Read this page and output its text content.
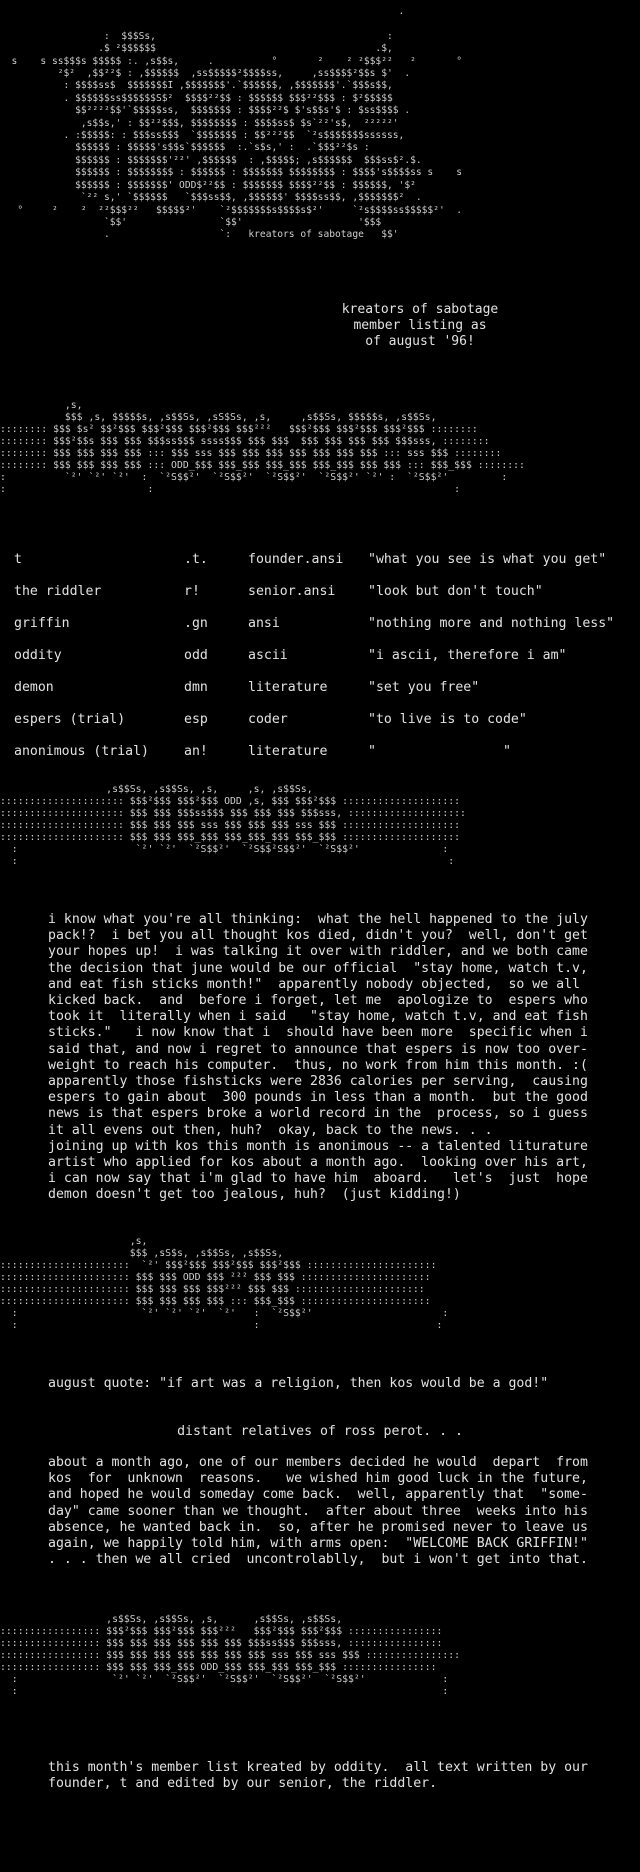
.

:  $$$Ss,                                        :
.$ ²$$$$$$                                      .$,
s    s ss$$$s $$$$$ :. ,s$$s,     .          °       ²    ² ²$$$²²   ²       °
²$²  ,$$²²$ : ,$$$$$$  ,ss$$$$$²$$$$ss,     ,ss$$$$²$$s $'  .
: $$$$ss$  $$$$$$$I ,$$$$$$$'.`$$$$$$, ,$$$$$$$'.`$$$s$$,
. $$$$$$ss$$$$$$S$²  $$$$²²$$ : $$$$$$ $$$²²$$$ : $²$$$$$
$$²²²²$$'`$$$$$ss,  $$$$$$$ : $$$$²²$ $'s$$s'$ : $ss$$$$ .
,s$$s,' : $$²²$$$, $$$$$$$$ : $$$$ss$ $s`²²'s$,  ²²²²²'
. :$$$$$: : $$$ss$$$  `$$$$$$$ : $$²²²$$  `²s$$$$$$$ssssss,
$$$$$$ : $$$$$'s$$s`$$$$$$  :.`s$s,' :  .`$$$²²$s :
$$$$$$ : $$$$$$$'²²' ,$$$$$$  : ,$$$$$; ,s$$$$$$  $$$ss$².$.
$$$$$$ : $$$$$$$$ : $$$$$$ : $$$$$$$ $$$$$$$$ : $$$$'s$$$$ss s    s
$$$$$$ : $$$$$$$' ODD$²²$$ : $$$$$$$ $$$$²²$$ : $$$$$$, '$²
`²² s,' `$$$$$$   `$$$ss$$, ,$$$$$$' $$$$ss$$, ,$$$$$$$²  .
°     ²    ²  ²²$$$²²   $$$$$²'    `²$$$$$$$s$$$$s$²'     `²s$$$$ss$$$$$²'  .
`$$'                `$$'                    '$$$
.                   `:   kreators of sabotage   $$'
kreators of sabotage
member listing as
of august '96!
,s,
$$$ ,s, $$$$$s, ,s$$Ss, ,sS$Ss, ,s,     ,s$$Ss, $$$$$s, ,s$$Ss,
:::::::: $$$ $s² $$²$$$ $$$²$$$ $$$²$$$ $$$²²²   $$$²$$$ $$$²$$$ $$$²$$$ ::::::::
:::::::: $$$²$$s $$$ $$$ $$$ss$$$ ssss$$$ $$$ $$$  $$$ $$$ $$$ $$$ $$$sss, ::::::::
:::::::: $$$ $$$ $$$ $$$ ::: $$$ sss $$$ $$$ $$$ $$$ $$$ $$$ $$$ ::: sss $$$ ::::::::
:::::::: $$$ $$$ $$$ $$$ ::: ODD_$$$ $$$_$$$ $$$_$$$ $$$_$$$ $$$ $$$ ::: $$$_$$$ ::::::::
:          `²' `²' `²'  :  `²S$$²'  `²S$$²'  `²S$$²'  `²S$$²' `²' :  `²S$$²'         :
:                        :                                                   :
t	.t.	founder.ansi	"what you see is what you get"
the riddler	r!	senior.ansi	"look but don't touch"
griffin	.gn	ansi	"nothing more and nothing less"
oddity	odd	ascii	"i ascii, therefore i am"
demon	dmn	literature	"set you free"
espers (trial)	esp	coder	"to live is to code"
anonimous (trial)	an!	literature	"                "
,s$$Ss, ,s$$Ss, ,s,     ,s, ,s$$Ss,
::::::::::::::::::::: $$$²$$$ $$$²$$$ ODD ,s, $$$ $$$²$$$ ::::::::::::::::::::
::::::::::::::::::::: $$$ $$$ $$$ss$$$ $$$ $$$ $$$ $$$sss, ::::::::::::::::::::
::::::::::::::::::::: $$$ $$$ $$$ sss $$$ $$$ $$$ sss $$$ ::::::::::::::::::::
::::::::::::::::::::: $$$ $$$ $$$_$$$ $$$_$$$_$$$ $$$_$$$ ::::::::::::::::::::
:                    `²' `²'  `²S$$²'  `²S$$²S$$²'  `²S$$²'              :
:                                                                         :
i know what you're all thinking:  what the hell happened to the july
pack!?  i bet you all thought kos died, didn't you?  well, don't get
your hopes up!  i was talking it over with riddler, and we both came
the decision that june would be our official  "stay home, watch t.v,
and eat fish sticks month!"  apparently nobody objected,  so we all
kicked back.  and  before i forget, let me  apologize to  espers who
took it  literally when i said   "stay home, watch t.v, and eat fish
sticks."   i now know that i  should have been more  specific when i
said that, and now i regret to announce that espers is now too over-
weight to reach his computer.  thus, no work from him this month. :(
apparently those fishsticks were 2836 calories per serving,  causing
espers to gain about  300 pounds in less than a month.  but the good
news is that espers broke a world record in the  process, so i guess
it all evens out then, huh?  okay, back to the news. . .
joining up with kos this month is anonimous -- a talented liturature
artist who applied for kos about a month ago.  looking over his art,
i can now say that i'm glad to have him  aboard.   let's  just  hope
demon doesn't get too jealous, huh?  (just kidding!)
,s,
$$$ ,sS$s, ,s$$Ss, ,s$$Ss,
::::::::::::::::::::::  `²' $$$²$$$ $$$²$$$ $$$²$$$ ::::::::::::::::::::::
:::::::::::::::::::::: $$$ $$$ ODD $$$ ²²² $$$ $$$ ::::::::::::::::::::::
:::::::::::::::::::::: $$$ $$$ $$$ $$$²²² $$$ $$$ ::::::::::::::::::::::
:::::::::::::::::::::: $$$ $$$ $$$ $$$ ::: $$$_$$$ ::::::::::::::::::::::
:                     `²' `²' `²'  `²'   :  `²S$$²'                      :
:                                        :                              :
august quote: "if art was a religion, then kos would be a god!"
distant relatives of ross perot. . .
about a month ago, one of our members decided he would  depart  from
kos  for  unknown  reasons.   we wished him good luck in the future,
and hoped he would someday come back.  well, apparently that  "some-
day" came sooner than we thought.  after about three  weeks into his
absence, he wanted back in.  so, after he promised never to leave us
again, we happily told him, with arms open:  "WELCOME BACK GRIFFIN!"
. . . then we all cried  uncontrolablly,  but i won't get into that.
,s$$Ss, ,s$$Ss, ,s,      ,s$$Ss, ,s$$Ss,
::::::::::::::::: $$$²$$$ $$$²$$$ $$$²²²   $$$²$$$ $$$²$$$ ::::::::::::::::
::::::::::::::::: $$$ $$$ $$$ $$$ $$$ $$$ $$$ss$$$ $$$sss, ::::::::::::::::
::::::::::::::::: $$$ $$$ $$$ $$$ $$$ $$$ $$$ sss $$$ sss $$$ ::::::::::::::::
::::::::::::::::: $$$ $$$ $$$_$$$ ODD_$$$ $$$_$$$ $$$_$$$ ::::::::::::::::
:                `²' `²'  `²S$$²'  `²S$$²'  `²S$$²'  `²S$$²'             :
:                                                                        :
this month's member list kreated by oddity.  all text written by our
founder, t and edited by our senior, the riddler.
